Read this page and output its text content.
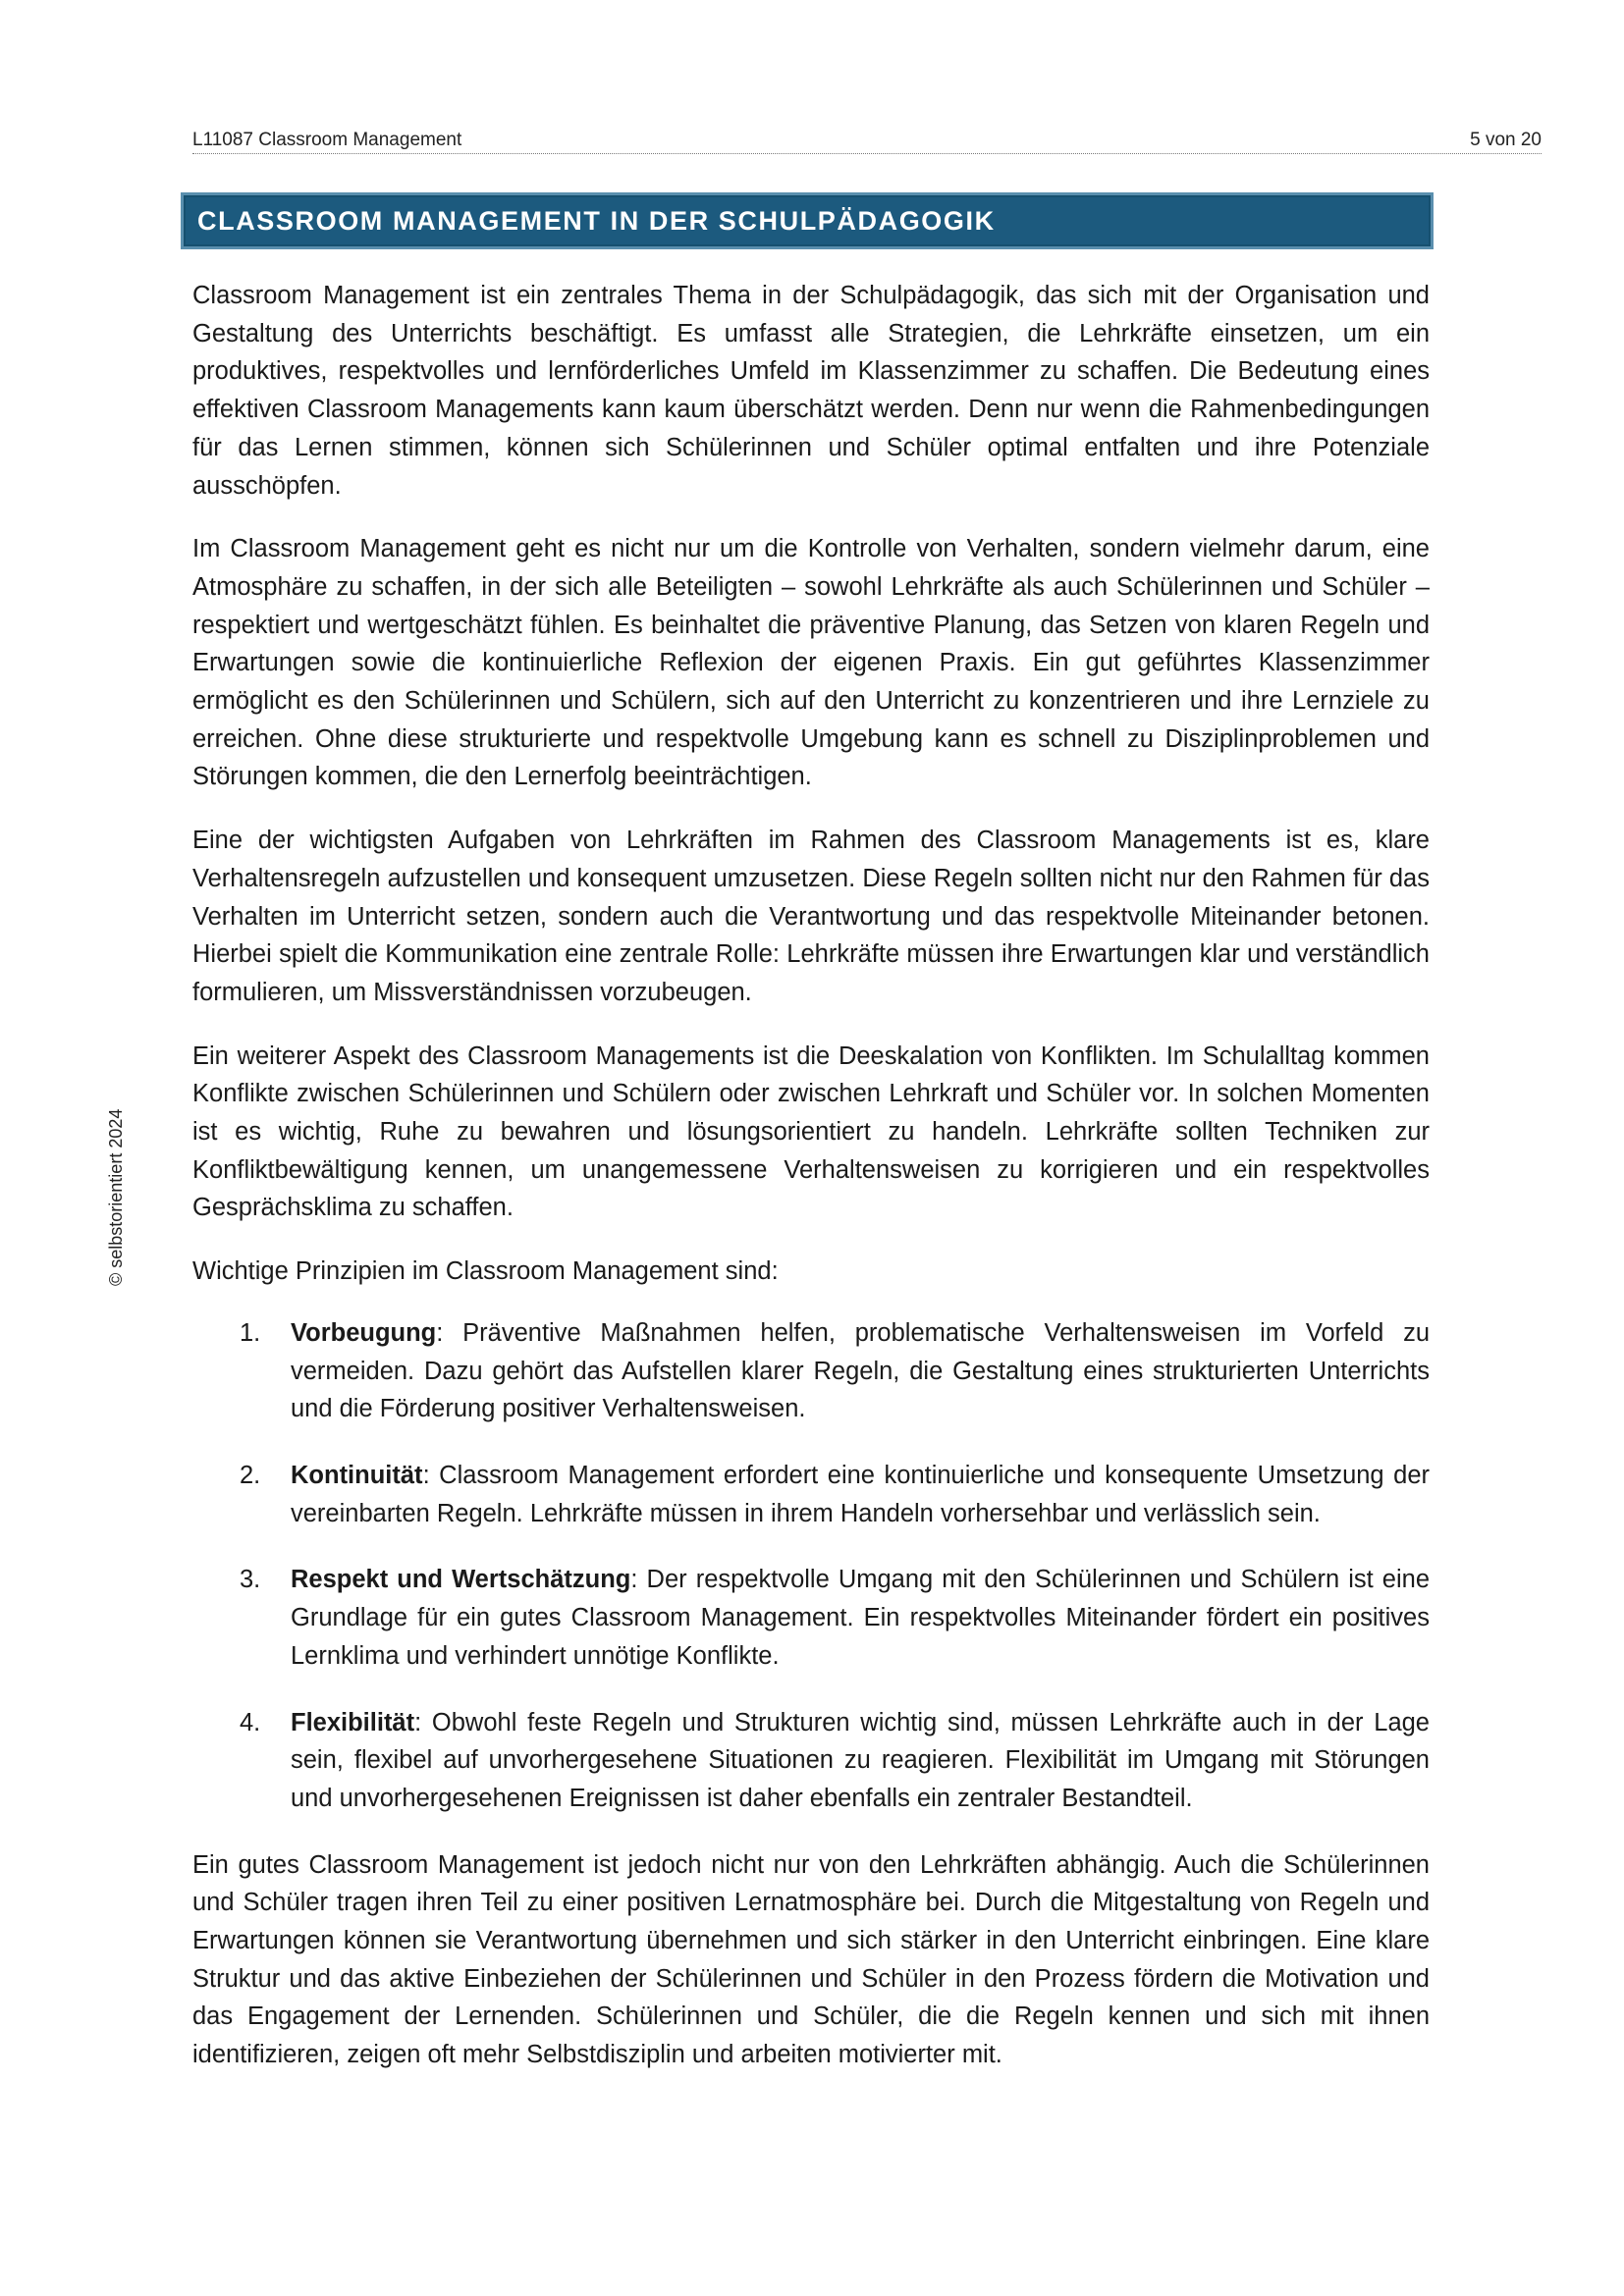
L11087 Classroom Management	5 von 20
© selbstorientiert 2024
CLASSROOM MANAGEMENT IN DER SCHULPÄDAGOGIK

Classroom Management ist ein zentrales Thema in der Schulpädagogik, das sich mit der Organisation und Gestaltung des Unterrichts beschäftigt. Es umfasst alle Strategien, die Lehrkräfte einsetzen, um ein produktives, respektvolles und lernförderliches Umfeld im Klassenzimmer zu schaffen. Die Bedeutung eines effektiven Classroom Managements kann kaum überschätzt werden. Denn nur wenn die Rahmenbedingungen für das Lernen stimmen, können sich Schülerinnen und Schüler optimal entfalten und ihre Potenziale ausschöpfen.

Im Classroom Management geht es nicht nur um die Kontrolle von Verhalten, sondern vielmehr darum, eine Atmosphäre zu schaffen, in der sich alle Beteiligten – sowohl Lehrkräfte als auch Schülerinnen und Schüler – respektiert und wertgeschätzt fühlen. Es beinhaltet die präventive Planung, das Setzen von klaren Regeln und Erwartungen sowie die kontinuierliche Reflexion der eigenen Praxis. Ein gut geführtes Klassenzimmer ermöglicht es den Schülerinnen und Schülern, sich auf den Unterricht zu konzentrieren und ihre Lernziele zu erreichen. Ohne diese strukturierte und respektvolle Umgebung kann es schnell zu Disziplinproblemen und Störungen kommen, die den Lernerfolg beeinträchtigen.

Eine der wichtigsten Aufgaben von Lehrkräften im Rahmen des Classroom Managements ist es, klare Verhaltensregeln aufzustellen und konsequent umzusetzen. Diese Regeln sollten nicht nur den Rahmen für das Verhalten im Unterricht setzen, sondern auch die Verantwortung und das respektvolle Miteinander betonen. Hierbei spielt die Kommunikation eine zentrale Rolle: Lehrkräfte müssen ihre Erwartungen klar und verständlich formulieren, um Missverständnissen vorzubeugen.

Ein weiterer Aspekt des Classroom Managements ist die Deeskalation von Konflikten. Im Schulalltag kommen Konflikte zwischen Schülerinnen und Schülern oder zwischen Lehrkraft und Schüler vor. In solchen Momenten ist es wichtig, Ruhe zu bewahren und lösungsorientiert zu handeln. Lehrkräfte sollten Techniken zur Konfliktbewältigung kennen, um unangemessene Verhaltensweisen zu korrigieren und ein respektvolles Gesprächsklima zu schaffen.

Wichtige Prinzipien im Classroom Management sind:

1. Vorbeugung: Präventive Maßnahmen helfen, problematische Verhaltensweisen im Vorfeld zu vermeiden. Dazu gehört das Aufstellen klarer Regeln, die Gestaltung eines strukturierten Unterrichts und die Förderung positiver Verhaltensweisen.
2. Kontinuität: Classroom Management erfordert eine kontinuierliche und konsequente Umsetzung der vereinbarten Regeln. Lehrkräfte müssen in ihrem Handeln vorhersehbar und verlässlich sein.
3. Respekt und Wertschätzung: Der respektvolle Umgang mit den Schülerinnen und Schülern ist eine Grundlage für ein gutes Classroom Management. Ein respektvolles Miteinander fördert ein positives Lernklima und verhindert unnötige Konflikte.
4. Flexibilität: Obwohl feste Regeln und Strukturen wichtig sind, müssen Lehrkräfte auch in der Lage sein, flexibel auf unvorhergesehene Situationen zu reagieren. Flexibilität im Umgang mit Störungen und unvorhergesehenen Ereignissen ist daher ebenfalls ein zentraler Bestandteil.

Ein gutes Classroom Management ist jedoch nicht nur von den Lehrkräften abhängig. Auch die Schülerinnen und Schüler tragen ihren Teil zu einer positiven Lernatmosphäre bei. Durch die Mitgestaltung von Regeln und Erwartungen können sie Verantwortung übernehmen und sich stärker in den Unterricht einbringen. Eine klare Struktur und das aktive Einbeziehen der Schülerinnen und Schüler in den Prozess fördern die Motivation und das Engagement der Lernenden. Schülerinnen und Schüler, die die Regeln kennen und sich mit ihnen identifizieren, zeigen oft mehr Selbstdisziplin und arbeiten motivierter mit.
